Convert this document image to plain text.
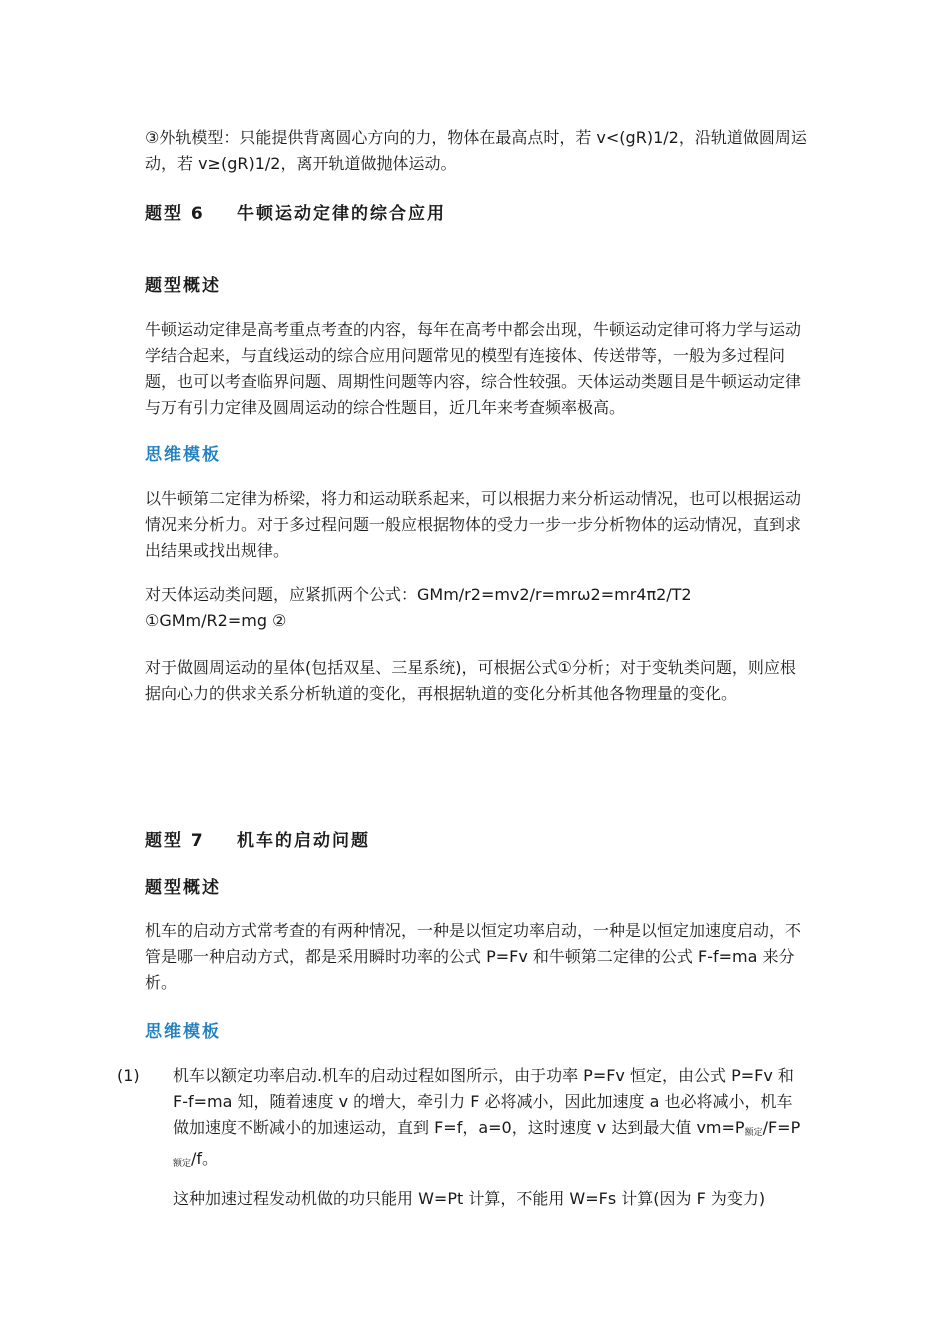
③外轨模型：只能提供背离圆心方向的力，物体在最高点时，若 v<(gR)1/2，沿轨道做圆周运动，若 v≥(gR)1/2，离开轨道做抛体运动。

题型 6 牛顿运动定律的综合应用
题型概述

牛顿运动定律是高考重点考查的内容，每年在高考中都会出现，牛顿运动定律可将力学与运动学结合起来，与直线运动的综合应用问题常见的模型有连接体、传送带等，一般为多过程问题，也可以考查临界问题、周期性问题等内容，综合性较强。天体运动类题目是牛顿运动定律与万有引力定律及圆周运动的综合性题目，近几年来考查频率极高。

思维模板

以牛顿第二定律为桥梁，将力和运动联系起来，可以根据力来分析运动情况，也可以根据运动情况来分析力。对于多过程问题一般应根据物体的受力一步一步分析物体的运动情况，直到求出结果或找出规律。

对天体运动类问题，应紧抓两个公式：GMm/r2=mv2/r=mrω2=mr4π2/T2 ①GMm/R2=mg ②

对于做圆周运动的星体(包括双星、三星系统)，可根据公式①分析；对于变轨类问题，则应根据向心力的供求关系分析轨道的变化，再根据轨道的变化分析其他各物理量的变化。

题型 7 机车的启动问题
题型概述

机车的启动方式常考查的有两种情况，一种是以恒定功率启动，一种是以恒定加速度启动，不管是哪一种启动方式，都是采用瞬时功率的公式 P=Fv 和牛顿第二定律的公式 F-f=ma 来分析。

思维模板
(1) 机车以额定功率启动.机车的启动过程如图所示，由于功率 P=Fv 恒定，由公式 P=Fv 和 F-f=ma 知，随着速度 v 的增大，牵引力 F 必将减小，因此加速度 a 也必将减小，机车做加速度不断减小的加速运动，直到 F=f，a=0，这时速度 v 达到最大值 $vm=P_{额定}/F=P_{额定}/f$。

这种加速过程发动机做的功只能用 W=Pt 计算，不能用 W=Fs 计算(因为 F 为变力)
